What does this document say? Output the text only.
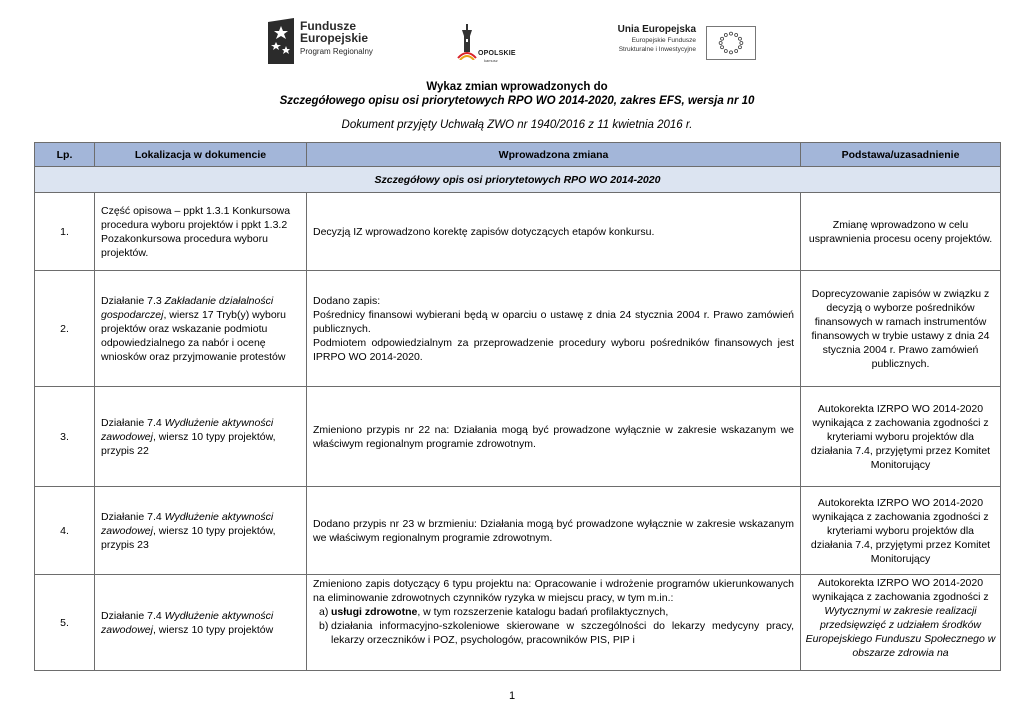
Fundusze
Europejskie
Program Regionalny	OPOLSKIE
kamusz
Unia Europejska
Europejskie Fundusze
Strukturalne i Inwestycyjne
Wykaz zmian wprowadzonych do
Szczegółowego opisu osi priorytetowych RPO WO 2014-2020, zakres EFS, wersja nr 10
Dokument przyjęty Uchwałą ZWO nr 1940/2016 z 11 kwietnia 2016 r.
Lp.	Lokalizacja w dokumencie	Wprowadzona zmiana	Podstawa/uzasadnienie
Szczegółowy opis osi priorytetowych RPO WO 2014-2020			
1.	Część opisowa – ppkt 1.3.1 Konkursowa procedura wyboru projektów i ppkt 1.3.2 Pozakonkursowa procedura wyboru projektów.	Decyzją IZ wprowadzono korektę zapisów dotyczących etapów konkursu.	Zmianę wprowadzono w celu usprawnienia procesu oceny projektów.
2.	Działanie 7.3 Zakładanie działalności gospodarczej, wiersz 17 Tryb(y) wyboru projektów oraz wskazanie podmiotu odpowiedzialnego za nabór i ocenę wniosków oraz przyjmowanie protestów	Dodano zapis:

Pośrednicy finansowi wybierani będą w oparciu o ustawę z dnia 24 stycznia 2004 r. Prawo zamówień publicznych.

Podmiotem odpowiedzialnym za przeprowadzenie procedury wyboru pośredników finansowych jest IPRPO WO 2014-2020.	Doprecyzowanie zapisów w związku z decyzją o wyborze pośredników finansowych w ramach instrumentów finansowych w trybie ustawy z dnia 24 stycznia 2004 r. Prawo zamówień publicznych.
3.	Działanie 7.4 Wydłużenie aktywności zawodowej, wiersz 10 typy projektów, przypis 22	Zmieniono przypis nr 22 na: Działania mogą być prowadzone wyłącznie w zakresie wskazanym we właściwym regionalnym programie zdrowotnym.	Autokorekta IZRPO WO 2014-2020 wynikająca z zachowania zgodności z kryteriami wyboru projektów dla działania 7.4, przyjętymi przez Komitet Monitorujący
4.	Działanie 7.4 Wydłużenie aktywności zawodowej, wiersz 10 typy projektów, przypis 23	Dodano przypis nr 23 w brzmieniu: Działania mogą być prowadzone wyłącznie w zakresie wskazanym we właściwym regionalnym programie zdrowotnym.	Autokorekta IZRPO WO 2014-2020 wynikająca z zachowania zgodności z kryteriami wyboru projektów dla działania 7.4, przyjętymi przez Komitet Monitorujący
5.	Działanie 7.4 Wydłużenie aktywności zawodowej, wiersz 10 typy projektów	Zmieniono zapis dotyczący 6 typu projektu na: Opracowanie i wdrożenie programów ukierunkowanych na eliminowanie zdrowotnych czynników ryzyka w miejscu pracy, w tym m.in.:

a) usługi zdrowotne, w tym rozszerzenie katalogu badań profilaktycznych,
b) działania informacyjno-szkoleniowe skierowane w szczególności do lekarzy medycyny pracy, lekarzy orzeczników i POZ, psychologów, pracowników PIS, PIP i	Autokorekta IZRPO WO 2014-2020 wynikająca z zachowania zgodności z Wytycznymi w zakresie realizacji przedsięwzięć z udziałem środków Europejskiego Funduszu Społecznego w obszarze zdrowia na
1
